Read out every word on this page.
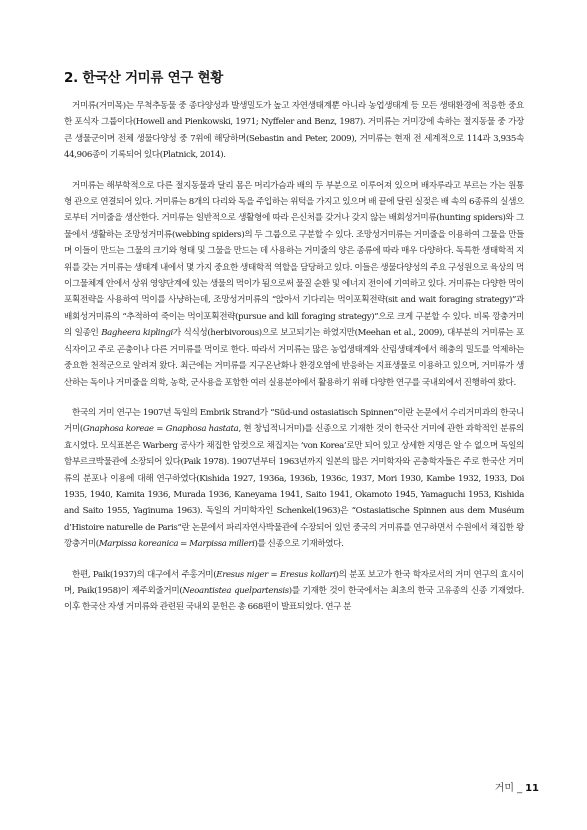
2. 한국산 거미류 연구 현황

거미류(거미목)는 무척추동물 중 종다양성과 발생밀도가 높고 자연생태계뿐 아니라 농업생태계 등 모든 생태환경에 적응한 중요한 포식자 그룹이다(Howell and Pienkowski, 1971; Nyffeler and Benz, 1987). 거미류는 거미강에 속하는 절지동물 중 가장 큰 생물군이며 전체 생물다양성 중 7위에 해당하며(Sebastin and Peter, 2009), 거미류는 현재 전 세계적으로 114과 3,935속 44,906종이 기록되어 있다(Platnick, 2014).

거미류는 해부학적으로 다른 절지동물과 달리 몸은 머리가슴과 배의 두 부분으로 이루어져 있으며 배자루라고 부르는 가는 원통형 관으로 연결되어 있다. 거미류는 8개의 다리와 독을 주입하는 위턱을 가지고 있으며 배 끝에 달린 실젖은 배 속의 6종류의 실샘으로부터 거미줄을 생산한다. 거미류는 일반적으로 생활형에 따라 은신처를 갖거나 갖지 않는 배회성거미류(hunting spiders)와 그물에서 생활하는 조망성거미류(webbing spiders)의 두 그룹으로 구분할 수 있다. 조망성거미류는 거미줄을 이용하여 그물을 만들며 이들이 만드는 그물의 크기와 형태 및 그물을 만드는 데 사용하는 거미줄의 양은 종류에 따라 매우 다양하다. 독특한 생태학적 지위를 갖는 거미류는 생태계 내에서 몇 가지 중요한 생태학적 역할을 담당하고 있다. 이들은 생물다양성의 주요 구성원으로 육상의 먹이그물체계 안에서 상위 영양단계에 있는 생물의 먹이가 됨으로써 물질 순환 및 에너지 전이에 기여하고 있다. 거미류는 다양한 먹이포획전략을 사용하여 먹이를 사냥하는데, 조망성거미류의 “앉아서 기다리는 먹이포획전략(sit and wait foraging strategy)”과 배회성거미류의 “추적하여 죽이는 먹이포획전략(pursue and kill foraging strategy)”으로 크게 구분할 수 있다. 비록 깡충거미의 일종인 Bagheera kiplingi가 식식성(herbivorous)으로 보고되기는 하였지만(Meehan et al., 2009), 대부분의 거미류는 포식자이고 주로 곤충이나 다른 거미류를 먹이로 한다. 따라서 거미류는 많은 농업생태계와 산림생태계에서 해충의 밀도를 억제하는 중요한 천적군으로 알려져 왔다. 최근에는 거미류를 지구온난화나 환경오염에 반응하는 지표생물로 이용하고 있으며, 거미류가 생산하는 독이나 거미줄을 의학, 농학, 군사용을 포함한 여러 실용분야에서 활용하기 위해 다양한 연구를 국내외에서 진행하여 왔다.

한국의 거미 연구는 1907년 독일의 Embrik Strand가 “Süd-und ostasiatisch Spinnen”이란 논문에서 수리거미과의 한국니거미(Gnaphosa koreae = Gnaphosa hastata, 현 창넙적니거미)를 신종으로 기재한 것이 한국산 거미에 관한 과학적인 분류의 효시였다. 모식표본은 Warberg 공사가 채집한 암컷으로 채집지는 ‘von Korea’로만 되어 있고 상세한 지명은 알 수 없으며 독일의 함부르크박물관에 소장되어 있다(Paik 1978). 1907년부터 1963년까지 일본의 많은 거미학자와 곤충학자들은 주로 한국산 거미류의 분포나 이용에 대해 연구하였다(Kishida 1927, 1936a, 1936b, 1936c, 1937, Mori 1930, Kambe 1932, 1933, Doi 1935, 1940, Kamita 1936, Murada 1936, Kaneyama 1941, Saito 1941, Okamoto 1945, Yamaguchi 1953, Kishida and Saito 1955, Yaginuma 1963). 독일의 거미학자인 Schenkel(1963)은 “Ostasiatische Spinnen aus dem Muséum d’Histoire naturelle de Paris”란 논문에서 파리자연사박물관에 수장되어 있던 중국의 거미류를 연구하면서 수원에서 채집한 왕깡충거미(Marpissa koreanica = Marpissa milleri)를 신종으로 기재하였다.

한편, Paik(1937)의 대구에서 주홍거미(Eresus niger = Eresus kollari)의 분포 보고가 한국 학자로서의 거미 연구의 효시이며, Paik(1958)이 제주외줄거미(Neoantistea quelpartensis)를 기재한 것이 한국에서는 최초의 한국 고유종의 신종 기재였다. 이후 한국산 자생 거미류와 관련된 국내외 문헌은 총 668편이 발표되었다. 연구 분

거미 _ 11
